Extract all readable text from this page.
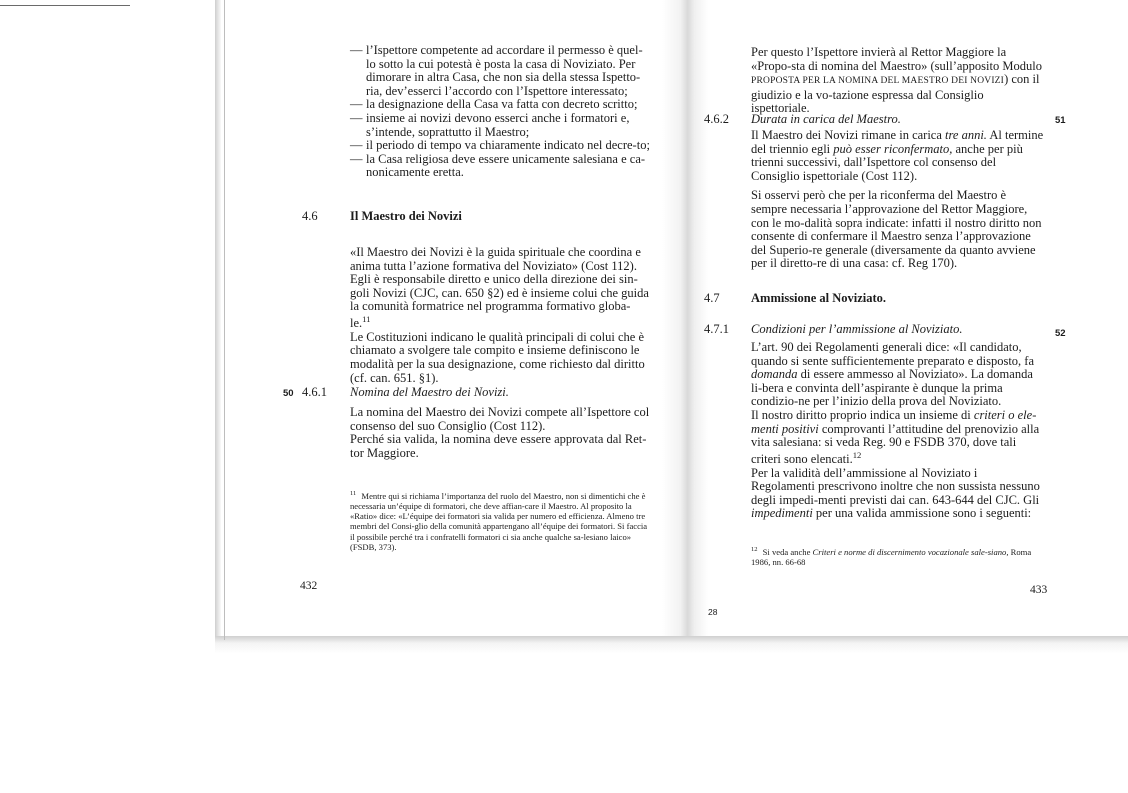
— l’Ispettore competente ad accordare il permesso è quel-lo sotto la cui potestà è posta la casa di Noviziato. Per dimorare in altra Casa, che non sia della stessa Ispetto-ria, dev’esserci l’accordo con l’Ispettore interessato;
— la designazione della Casa va fatta con decreto scritto;
— insieme ai novizi devono esserci anche i formatori e, s’intende, soprattutto il Maestro;
— il periodo di tempo va chiaramente indicato nel decre-to;
— la Casa religiosa deve essere unicamente salesiana e ca-nonicamente eretta.
4.6	Il Maestro dei Novizi

«Il Maestro dei Novizi è la guida spirituale che coordina e anima tutta l’azione formativa del Noviziato» (Cost 112). Egli è responsabile diretto e unico della direzione dei sin-goli Novizi (CJC, can. 650 §2) ed è insieme colui che guida la comunità formatrice nel programma formativo globa-le.$^{11}$

Le Costituzioni indicano le qualità principali di colui che è chiamato a svolgere tale compito e insieme definiscono le modalità per la sua designazione, come richiesto dal diritto (cf. can. 651. §1).

50 4.6.1 Nomina del Maestro dei Novizi.

La nomina del Maestro dei Novizi compete all’Ispettore col consenso del suo Consiglio (Cost 112).

Perché sia valida, la nomina deve essere approvata dal Ret-tor Maggiore.

$^{11}$ Mentre qui si richiama l’importanza del ruolo del Maestro, non si dimentichi che è necessaria un’équipe di formatori, che deve affian-care il Maestro. Al proposito la «Ratio» dice: «L’équipe dei formatori sia valida per numero ed efficienza. Almeno tre membri del Consi-glio della comunità appartengano all’équipe dei formatori. Si faccia il possibile perché tra i confratelli formatori ci sia anche qualche sa-lesiano laico» (FSDB, 373).
432
Per questo l’Ispettore invierà al Rettor Maggiore la «Propo-sta di nomina del Maestro» (sull’apposito Modulo PROPOSTA PER LA NOMINA DEL MAESTRO DEI NOVIZI) con il giudizio e la vo-tazione espressa dal Consiglio ispettoriale.
4.6.2 Durata in carica del Maestro.	51

Il Maestro dei Novizi rimane in carica tre anni. Al termine del triennio egli può esser riconfermato, anche per più trienni successivi, dall’Ispettore col consenso del Consiglio ispettoriale (Cost 112).

Si osservi però che per la riconferma del Maestro è sempre necessaria l’approvazione del Rettor Maggiore, con le mo-dalità sopra indicate: infatti il nostro diritto non consente di confermare il Maestro senza l’approvazione del Superio-re generale (diversamente da quanto avviene per il diretto-re di una casa: cf. Reg 170).

4.7	Ammissione al Noviziato.
4.7.1 Condizioni per l’ammissione al Noviziato.	52

L’art. 90 dei Regolamenti generali dice: «Il candidato, quando si sente sufficientemente preparato e disposto, fa domanda di essere ammesso al Noviziato». La domanda li-bera e convinta dell’aspirante è dunque la prima condizio-ne per l’inizio della prova del Noviziato.

Il nostro diritto proprio indica un insieme di criteri o ele-menti positivi comprovanti l’attitudine del prenovizio alla vita salesiana: si veda Reg. 90 e FSDB 370, dove tali criteri sono elencati.$^{12}$

Per la validità dell’ammissione al Noviziato i Regolamenti prescrivono inoltre che non sussista nessuno degli impedi-menti previsti dai can. 643-644 del CJC. Gli impedimenti per una valida ammissione sono i seguenti:

$^{12}$ Si veda anche Criteri e norme di discernimento vocazionale sale-siano, Roma 1986, nn. 66-68
433
28
